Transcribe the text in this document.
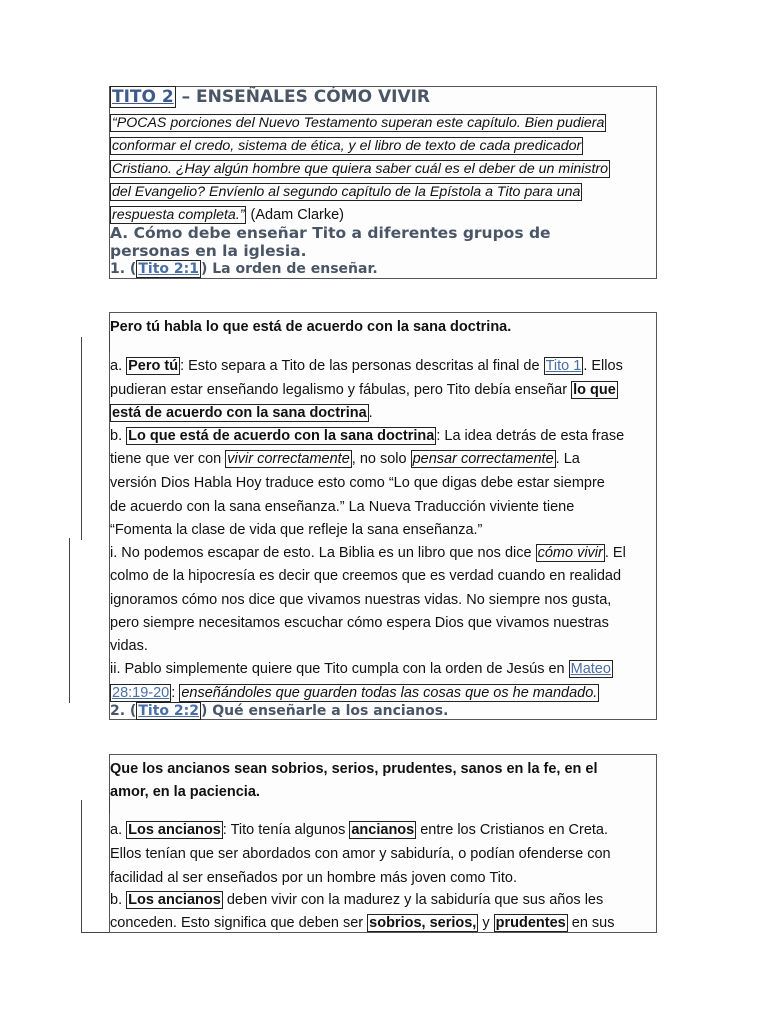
TITO 2 – ENSEÑALES CÓMO VIVIR
“POCAS porciones del Nuevo Testamento superan este capítulo. Bien pudiera
conformar el credo, sistema de ética, y el libro de texto de cada predicador
Cristiano. ¿Hay algún hombre que quiera saber cuál es el deber de un ministro
del Evangelio? Envíenlo al segundo capítulo de la Epístola a Tito para una
respuesta completa.” (Adam Clarke)
A. Cómo debe enseñar Tito a diferentes grupos de
personas en la iglesia.
1. ( Tito 2:1 ) La orden de enseñar.
Pero tú habla lo que está de acuerdo con la sana doctrina.
a. Pero tú : Esto separa a Tito de las personas descritas al final de Tito 1 . Ellos
pudieran estar enseñando legalismo y fábulas, pero Tito debía enseñar lo que
está de acuerdo con la sana doctrina .
b. Lo que está de acuerdo con la sana doctrina : La idea detrás de esta frase
tiene que ver con vivir correctamente , no solo pensar correctamente . La
versión Dios Habla Hoy traduce esto como “Lo que digas debe estar siempre
de acuerdo con la sana enseñanza.” La Nueva Traducción viviente tiene
“Fomenta la clase de vida que refleje la sana enseñanza.”
i. No podemos escapar de esto. La Biblia es un libro que nos dice cómo vivir . El
colmo de la hipocresía es decir que creemos que es verdad cuando en realidad
ignoramos cómo nos dice que vivamos nuestras vidas. No siempre nos gusta,
pero siempre necesitamos escuchar cómo espera Dios que vivamos nuestras
vidas.
ii. Pablo simplemente quiere que Tito cumpla con la orden de Jesús en Mateo
28:19-20 : enseñándoles que guarden todas las cosas que os he mandado.
2. ( Tito 2:2 ) Qué enseñarle a los ancianos.
Que los ancianos sean sobrios, serios, prudentes, sanos en la fe, en el
amor, en la paciencia.
a. Los ancianos : Tito tenía algunos ancianos entre los Cristianos en Creta.
Ellos tenían que ser abordados con amor y sabiduría, o podían ofenderse con
facilidad al ser enseñados por un hombre más joven como Tito.
b. Los ancianos deben vivir con la madurez y la sabiduría que sus años les
conceden. Esto significa que deben ser sobrios, serios, y prudentes en sus
